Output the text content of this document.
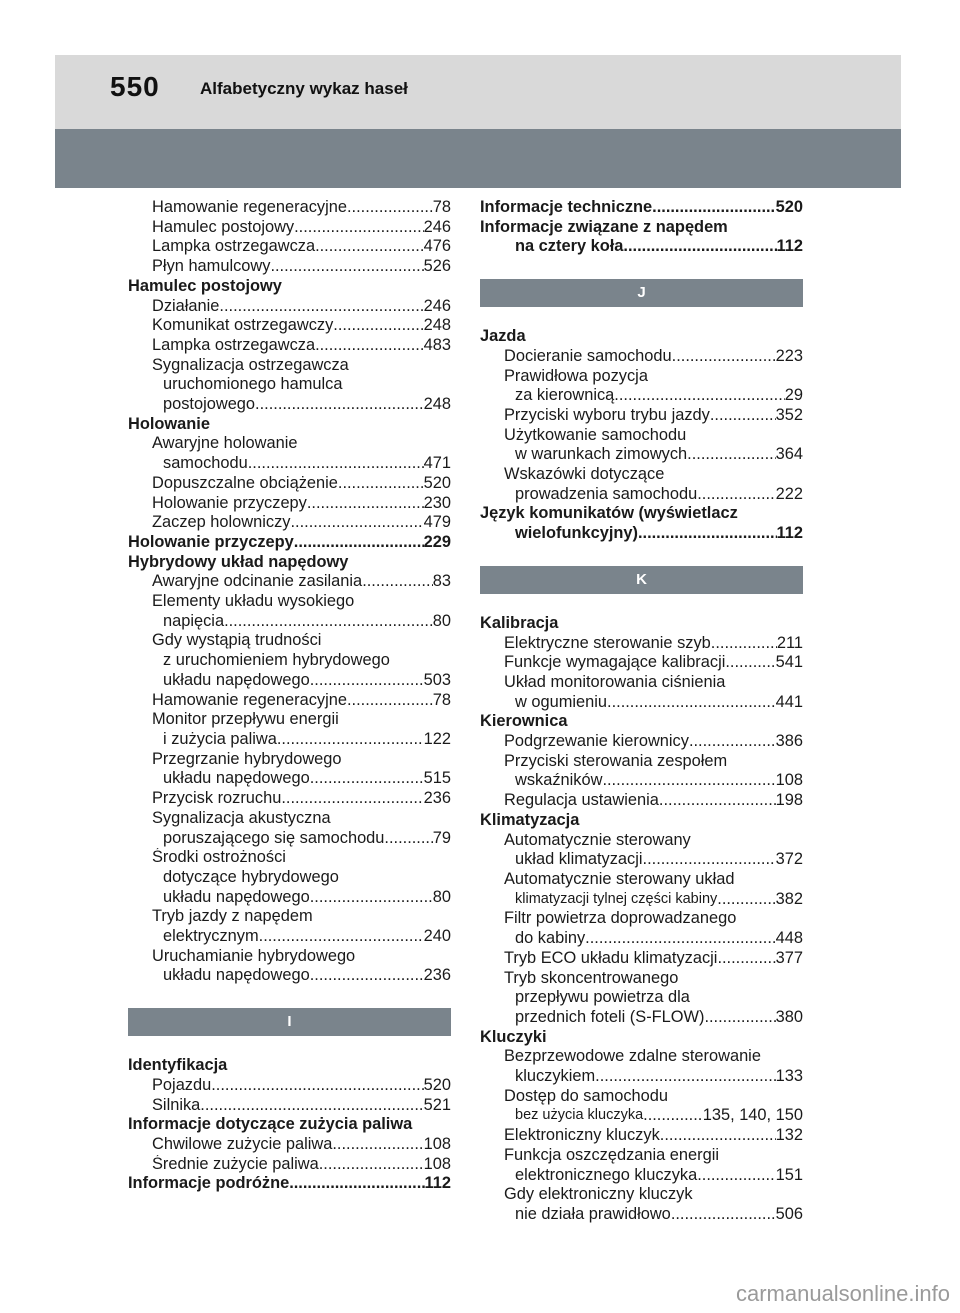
550 Alfabetyczny wykaz haseł
Hamowanie regeneracyjne .....	78
Hamulec postojowy .....	246
Lampka ostrzegawcza .....	476
Płyn hamulcowy .....	526
Hamulec postojowy
Działanie .....	246
Komunikat ostrzegawczy .....	248
Lampka ostrzegawcza .....	483
Sygnalizacja ostrzegawcza
uruchomionego hamulca
postojowego .....	248
Holowanie
Awaryjne holowanie
samochodu .....	471
Dopuszczalne obciążenie .....	520
Holowanie przyczepy .....	230
Zaczep holowniczy .....	479
Holowanie przyczepy .....	229
Hybrydowy układ napędowy
Awaryjne odcinanie zasilania .....	83
Elementy układu wysokiego
napięcia .....	80
Gdy wystąpią trudności
z uruchomieniem hybrydowego
układu napędowego .....	503
Hamowanie regeneracyjne .....	78
Monitor przepływu energii
i zużycia paliwa .....	122
Przegrzanie hybrydowego
układu napędowego .....	515
Przycisk rozruchu .....	236
Sygnalizacja akustyczna
poruszającego się samochodu .....	79
Środki ostrożności
dotyczące hybrydowego
układu napędowego .....	80
Tryb jazdy z napędem
elektrycznym .....	240
Uruchamianie hybrydowego
układu napędowego .....	236
I
Identyfikacja
Pojazdu .....	520
Silnika .....	521
Informacje dotyczące zużycia paliwa
Chwilowe zużycie paliwa .....	108
Średnie zużycie paliwa .....	108
Informacje podróżne .....	112
Informacje techniczne .....	520
Informacje związane z napędem
na cztery koła .....	112
J
Jazda
Docieranie samochodu .....	223
Prawidłowa pozycja
za kierownicą .....	29
Przyciski wyboru trybu jazdy .....	352
Użytkowanie samochodu
w warunkach zimowych .....	364
Wskazówki dotyczące
prowadzenia samochodu .....	222
Język komunikatów (wyświetlacz
wielofunkcyjny) .....	112
K
Kalibracja
Elektryczne sterowanie szyb .....	211
Funkcje wymagające kalibracji .....	541
Układ monitorowania ciśnienia
w ogumieniu .....	441
Kierownica
Podgrzewanie kierownicy .....	386
Przyciski sterowania zespołem
wskaźników .....	108
Regulacja ustawienia .....	198
Klimatyzacja
Automatycznie sterowany
układ klimatyzacji .....	372
Automatycznie sterowany układ
klimatyzacji tylnej części kabiny .....	382
Filtr powietrza doprowadzanego
do kabiny .....	448
Tryb ECO układu klimatyzacji .....	377
Tryb skoncentrowanego
przepływu powietrza dla
przednich foteli (S-FLOW) .....	380
Kluczyki
Bezprzewodowe zdalne sterowanie
kluczykiem .....	133
Dostęp do samochodu
bez użycia kluczyka .....	135, 140, 150
Elektroniczny kluczyk .....	132
Funkcja oszczędzania energii
elektronicznego kluczyka .....	151
Gdy elektroniczny kluczyk
nie działa prawidłowo .....	506
carmanualsonline.info
